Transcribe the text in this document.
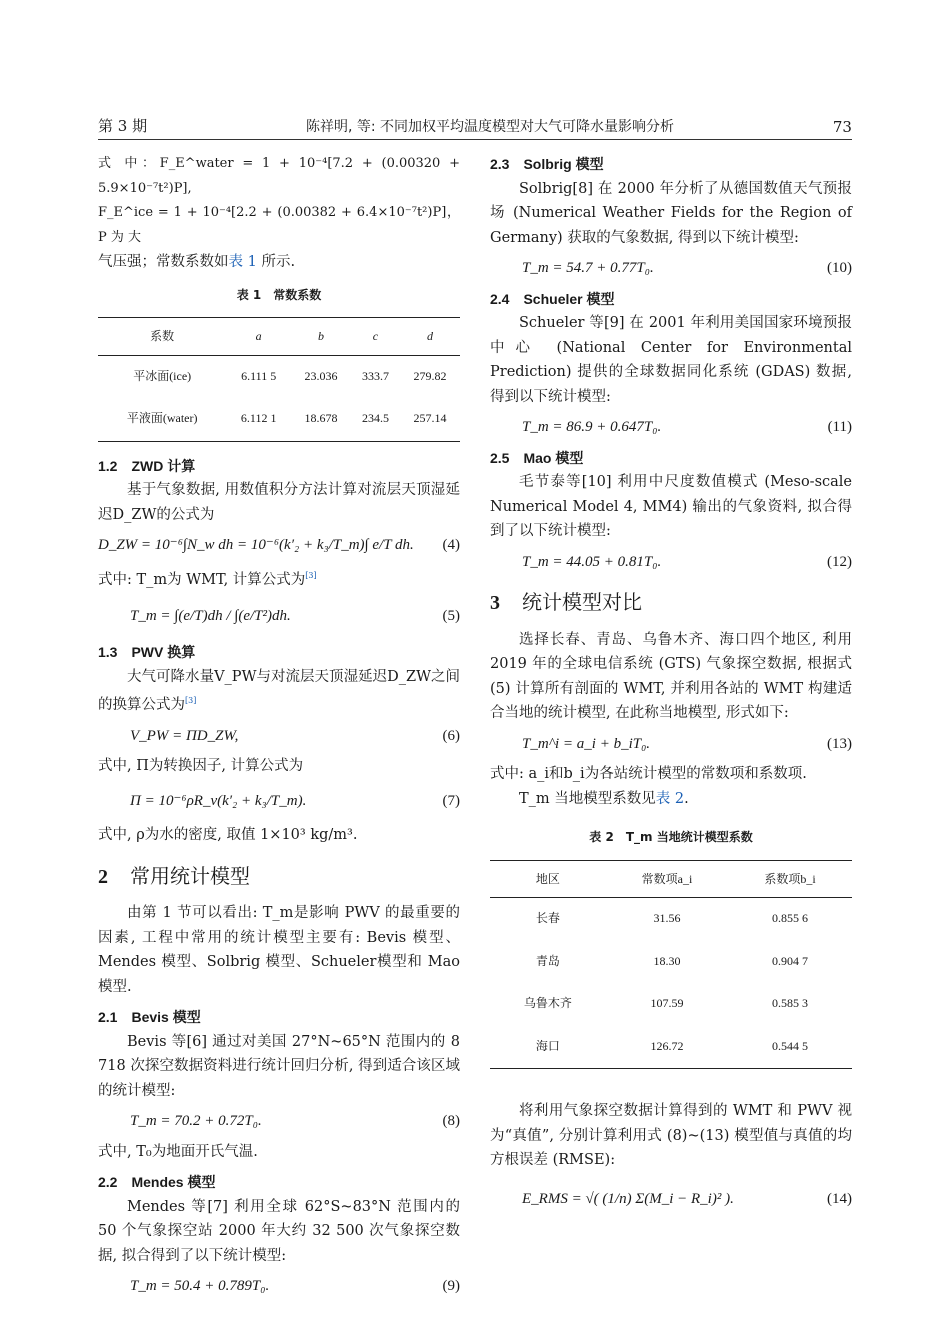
第 3 期	陈祥明, 等: 不同加权平均温度模型对大气可降水量影响分析	73

式 中：F_E^water = 1 + 10⁻⁴[7.2 + (0.00320 + 5.9×10⁻⁷t²)P],

F_E^ice = 1 + 10⁻⁴[2.2 + (0.00382 + 6.4×10⁻⁷t²)P]，P 为 大

气压强；常数系数如表 1 所示.

表 1　常数系数
系数	a	b	c	d
平冰面(ice)	6.111 5	23.036	333.7	279.82
平液面(water)	6.112 1	18.678	234.5	257.14
1.2　ZWD 计算

基于气象数据, 用数值积分方法计算对流层天顶湿延迟D_ZW的公式为

D_ZW = 10⁻⁶∫N_w dh = 10⁻⁶(k′₂ + k₃/T_m)∫ e/T dh. (4)

式中: T_m为 WMT, 计算公式为[3]

T_m = ∫(e/T)dh / ∫(e/T²)dh.	(5)
1.3　PWV 换算

大气可降水量V_PW与对流层天顶湿延迟D_ZW之间的换算公式为[3]

V_PW = ΠD_ZW,	(6)

式中, Π为转换因子, 计算公式为

Π = 10⁻⁶ρR_v(k′₂ + k₃/T_m).	(7)

式中, ρ为水的密度, 取值 1×10³ kg/m³.

2 常用统计模型

由第 1 节可以看出: T_m是影响 PWV 的最重要的因素, 工程中常用的统计模型主要有: Bevis 模型、Mendes 模型、Solbrig 模型、Schueler模型和 Mao 模型.

2.1　Bevis 模型

Bevis 等[6] 通过对美国 27°N~65°N 范围内的 8 718 次探空数据资料进行统计回归分析, 得到适合该区域的统计模型:

T_m = 70.2 + 0.72T₀.	(8)

式中, T₀为地面开氏气温.

2.2　Mendes 模型

Mendes 等[7] 利用全球 62°S~83°N 范围内的 50 个气象探空站 2000 年大约 32 500 次气象探空数据, 拟合得到了以下统计模型:

T_m = 50.4 + 0.789T₀.	(9)
2.3　Solbrig 模型

Solbrig[8] 在 2000 年分析了从德国数值天气预报场 (Numerical Weather Fields for the Region of Germany) 获取的气象数据, 得到以下统计模型:

T_m = 54.7 + 0.77T₀.	(10)
2.4　Schueler 模型

Schueler 等[9] 在 2001 年利用美国国家环境预报中心 (National Center for Environmental Prediction) 提供的全球数据同化系统 (GDAS) 数据, 得到以下统计模型:

T_m = 86.9 + 0.647T₀.	(11)
2.5　Mao 模型

毛节泰等[10] 利用中尺度数值模式 (Meso-scale Numerical Model 4, MM4) 输出的气象资料, 拟合得到了以下统计模型:

T_m = 44.05 + 0.81T₀.	(12)
3 统计模型对比

选择长春、青岛、乌鲁木齐、海口四个地区, 利用 2019 年的全球电信系统 (GTS) 气象探空数据, 根据式 (5) 计算所有剖面的 WMT, 并利用各站的 WMT 构建适合当地的统计模型, 在此称当地模型, 形式如下:

T_m^i = a_i + b_iT₀.	(13)

式中: a_i和b_i为各站统计模型的常数项和系数项.

T_m 当地模型系数见表 2.

表 2　T_m 当地统计模型系数
地区	常数项a_i	系数项b_i
长春	31.56	0.855 6
青岛	18.30	0.904 7
乌鲁木齐	107.59	0.585 3
海口	126.72	0.544 5

将利用气象探空数据计算得到的 WMT 和 PWV 视为“真值”, 分别计算利用式 (8)~(13) 模型值与真值的均方根误差 (RMSE):

E_RMS = √( (1/n) Σ(M_i − R_i)² ).	(14)
